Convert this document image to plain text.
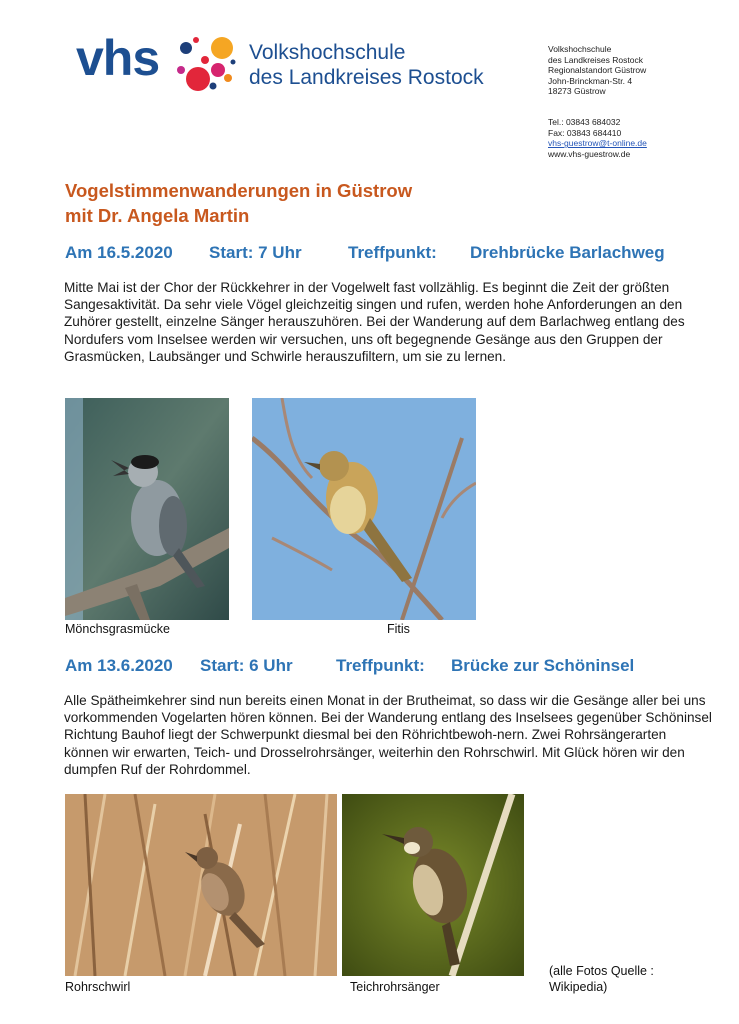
vhs	Volkshochschule
des Landkreises Rostock
Volkshochschule
des Landkreises Rostock
Regionalstandort Güstrow
John-Brinckman-Str. 4
18273 Güstrow
Tel.: 03843 684032
Fax: 03843 684410
vhs-guestrow@t-online.de
www.vhs-guestrow.de
Vogelstimmenwanderungen in Güstrow
mit Dr. Angela Martin
Am 16.5.2020 Start: 7 Uhr	Treffpunkt: Drehbrücke Barlachweg
Mitte Mai ist der Chor der Rückkehrer in der Vogelwelt fast vollzählig. Es beginnt die Zeit der größten Sangesaktivität. Da sehr viele Vögel gleichzeitig singen und rufen, werden hohe Anforderungen an den Zuhörer gestellt, einzelne Sänger herauszuhören. Bei der Wanderung auf dem Barlachweg entlang des Nordufers vom Inselsee werden wir versuchen, uns oft begegnende Gesänge aus den Gruppen der Grasmücken, Laubsänger und Schwirle herauszufiltern, um sie zu lernen.
Mönchsgrasmücke	Fitis
Am 13.6.2020 Start: 6 Uhr	Treffpunkt: Brücke zur Schöninsel
Alle Spätheimkehrer sind nun bereits einen Monat in der Brutheimat, so dass wir die Gesänge aller bei uns vorkommenden Vogelarten hören können. Bei der Wanderung entlang des Inselsees gegenüber Schöninsel Richtung Bauhof liegt der Schwerpunkt diesmal bei den Röhrichtbewoh-nern. Zwei Rohrsängerarten können wir erwarten, Teich- und Drosselrohrsänger, weiterhin den Rohrschwirl. Mit Glück hören wir den dumpfen Ruf der Rohrdommel.
Rohrschwirl	Teichrohrsänger
(alle Fotos Quelle :
Wikipedia)
